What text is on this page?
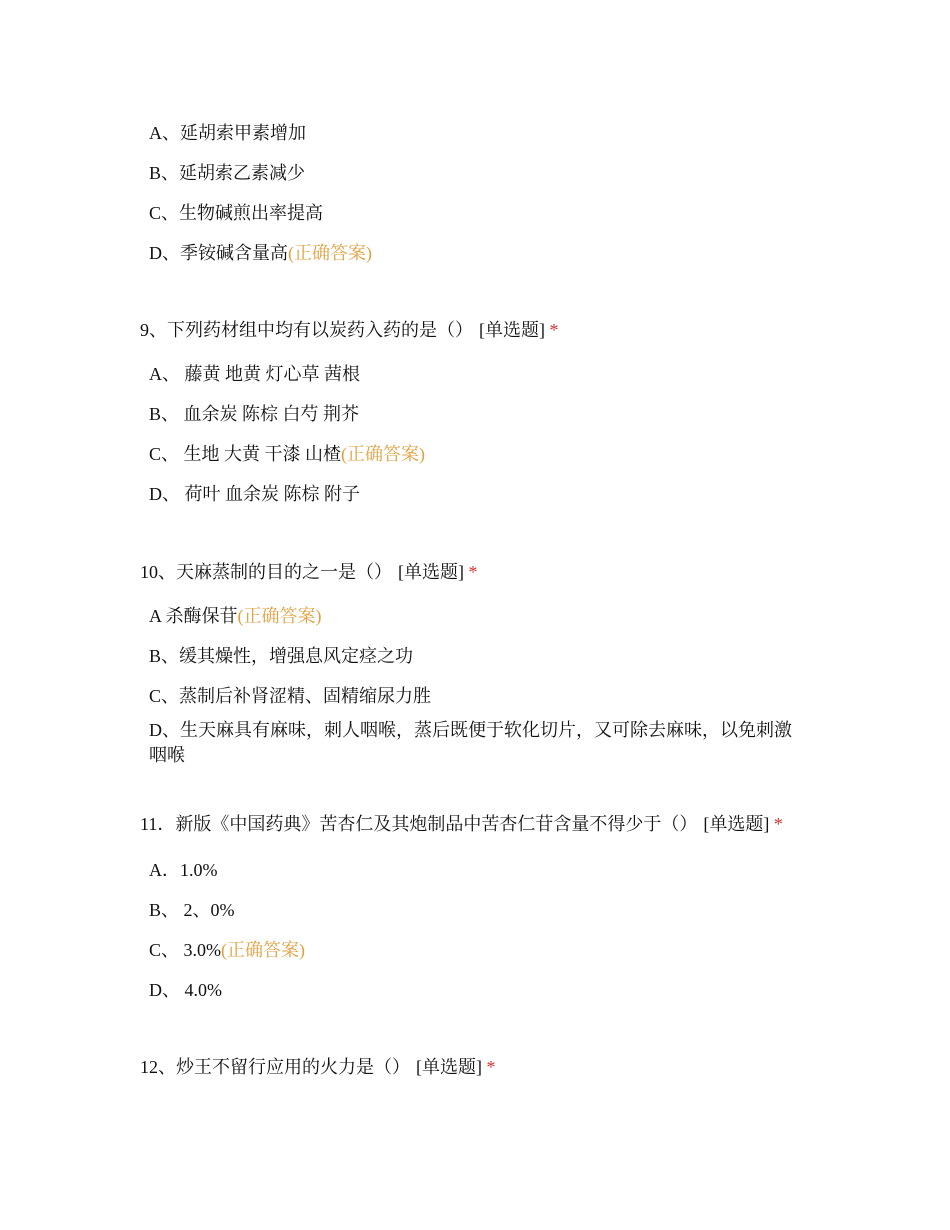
A、延胡索甲素增加
B、延胡索乙素减少
C、生物碱煎出率提高
D、季铵碱含量高(正确答案)
9、下列药材组中均有以炭药入药的是（） [单选题] *
A、 藤黄 地黄 灯心草 茜根
B、 血余炭 陈棕 白芍 荆芥
C、 生地 大黄 干漆 山楂(正确答案)
D、 荷叶 血余炭 陈棕 附子
10、天麻蒸制的目的之一是（） [单选题] *
A 杀酶保苷(正确答案)
B、缓其燥性，增强息风定痉之功
C、蒸制后补肾涩精、固精缩尿力胜
D、生天麻具有麻味，刺人咽喉，蒸后既便于软化切片，又可除去麻味，以免刺激咽喉
11．新版《中国药典》苦杏仁及其炮制品中苦杏仁苷含量不得少于（） [单选题] *
A．1.0%
B、 2、0%
C、 3.0%(正确答案)
D、 4.0%
12、炒王不留行应用的火力是（） [单选题] *
